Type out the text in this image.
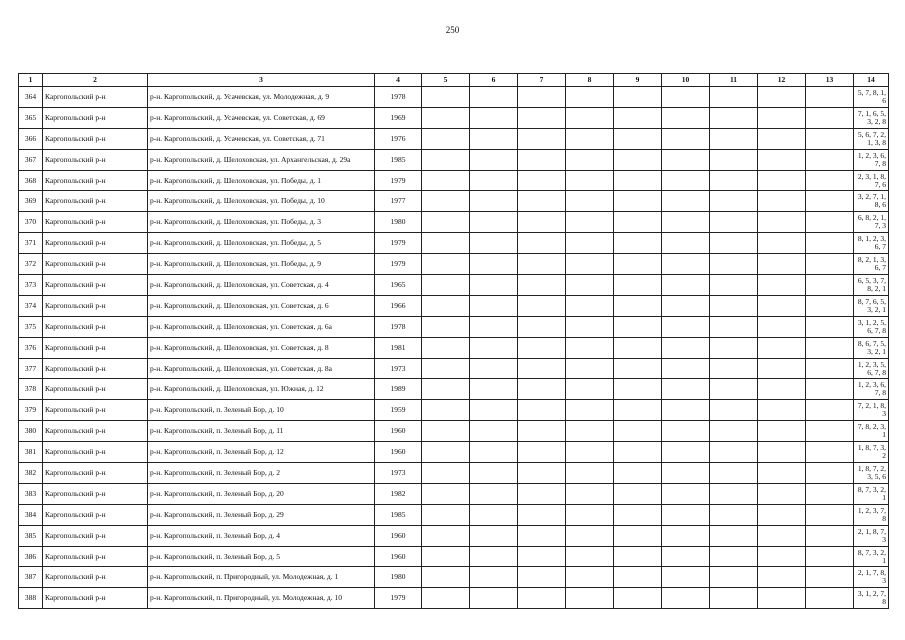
250
1	2	3	4	5	6	7	8	9	10	11	12	13	14
364	Каргопольский р-н	р-н. Каргопольский, д. Усачевская, ул. Молодежная, д. 9	1978										5, 7, 8, 1, 6
365	Каргопольский р-н	р-н. Каргопольский, д. Усачевская, ул. Советская, д. 69	1969										7, 1, 6, 5, 3, 2, 8
366	Каргопольский р-н	р-н. Каргопольский, д. Усачевская, ул. Советская, д. 71	1976										5, 6, 7, 2, 1, 3, 8
367	Каргопольский р-н	р-н. Каргопольский, д. Шелоховская, ул. Архангельская, д. 29а	1985										1, 2, 3, 6, 7, 8
368	Каргопольский р-н	р-н. Каргопольский, д. Шелоховская, ул. Победы, д. 1	1979										2, 3, 1, 8, 7, 6
369	Каргопольский р-н	р-н. Каргопольский, д. Шелоховская, ул. Победы, д. 10	1977										3, 2, 7, 1, 8, 6
370	Каргопольский р-н	р-н. Каргопольский, д. Шелоховская, ул. Победы, д. 3	1980										6, 8, 2, 1, 7, 3
371	Каргопольский р-н	р-н. Каргопольский, д. Шелоховская, ул. Победы, д. 5	1979										8, 1, 2, 3, 6, 7
372	Каргопольский р-н	р-н. Каргопольский, д. Шелоховская, ул. Победы, д. 9	1979										8, 2, 1, 3, 6, 7
373	Каргопольский р-н	р-н. Каргопольский, д. Шелоховская, ул. Советская, д. 4	1965										6, 5, 3, 7, 8, 2, 1
374	Каргопольский р-н	р-н. Каргопольский, д. Шелоховская, ул. Советская, д. 6	1966										8, 7, 6, 5, 3, 2, 1
375	Каргопольский р-н	р-н. Каргопольский, д. Шелоховская, ул. Советская, д. 6а	1978										3, 1, 2, 5, 6, 7, 8
376	Каргопольский р-н	р-н. Каргопольский, д. Шелоховская, ул. Советская, д. 8	1981										8, 6, 7, 5, 3, 2, 1
377	Каргопольский р-н	р-н. Каргопольский, д. Шелоховская, ул. Советская, д. 8а	1973										1, 2, 3, 5, 6, 7, 8
378	Каргопольский р-н	р-н. Каргопольский, д. Шелоховская, ул. Южная, д. 12	1989										1, 2, 3, 6, 7, 8
379	Каргопольский р-н	р-н. Каргопольский, п. Зеленый Бор, д. 10	1959										7, 2, 1, 8, 3
380	Каргопольский р-н	р-н. Каргопольский, п. Зеленый Бор, д. 11	1960										7, 8, 2, 3, 1
381	Каргопольский р-н	р-н. Каргопольский, п. Зеленый Бор, д. 12	1960										1, 8, 7, 3, 2
382	Каргопольский р-н	р-н. Каргопольский, п. Зеленый Бор, д. 2	1973										1, 8, 7, 2, 3, 5, 6
383	Каргопольский р-н	р-н. Каргопольский, п. Зеленый Бор, д. 20	1982										8, 7, 3, 2, 1
384	Каргопольский р-н	р-н. Каргопольский, п. Зеленый Бор, д. 29	1985										1, 2, 3, 7, 8
385	Каргопольский р-н	р-н. Каргопольский, п. Зеленый Бор, д. 4	1960										2, 1, 8, 7, 3
386	Каргопольский р-н	р-н. Каргопольский, п. Зеленый Бор, д. 5	1960										8, 7, 3, 2, 1
387	Каргопольский р-н	р-н. Каргопольский, п. Пригородный, ул. Молодежная, д. 1	1980										2, 1, 7, 8, 3
388	Каргопольский р-н	р-н. Каргопольский, п. Пригородный, ул. Молодежная, д. 10	1979										3, 1, 2, 7, 8
